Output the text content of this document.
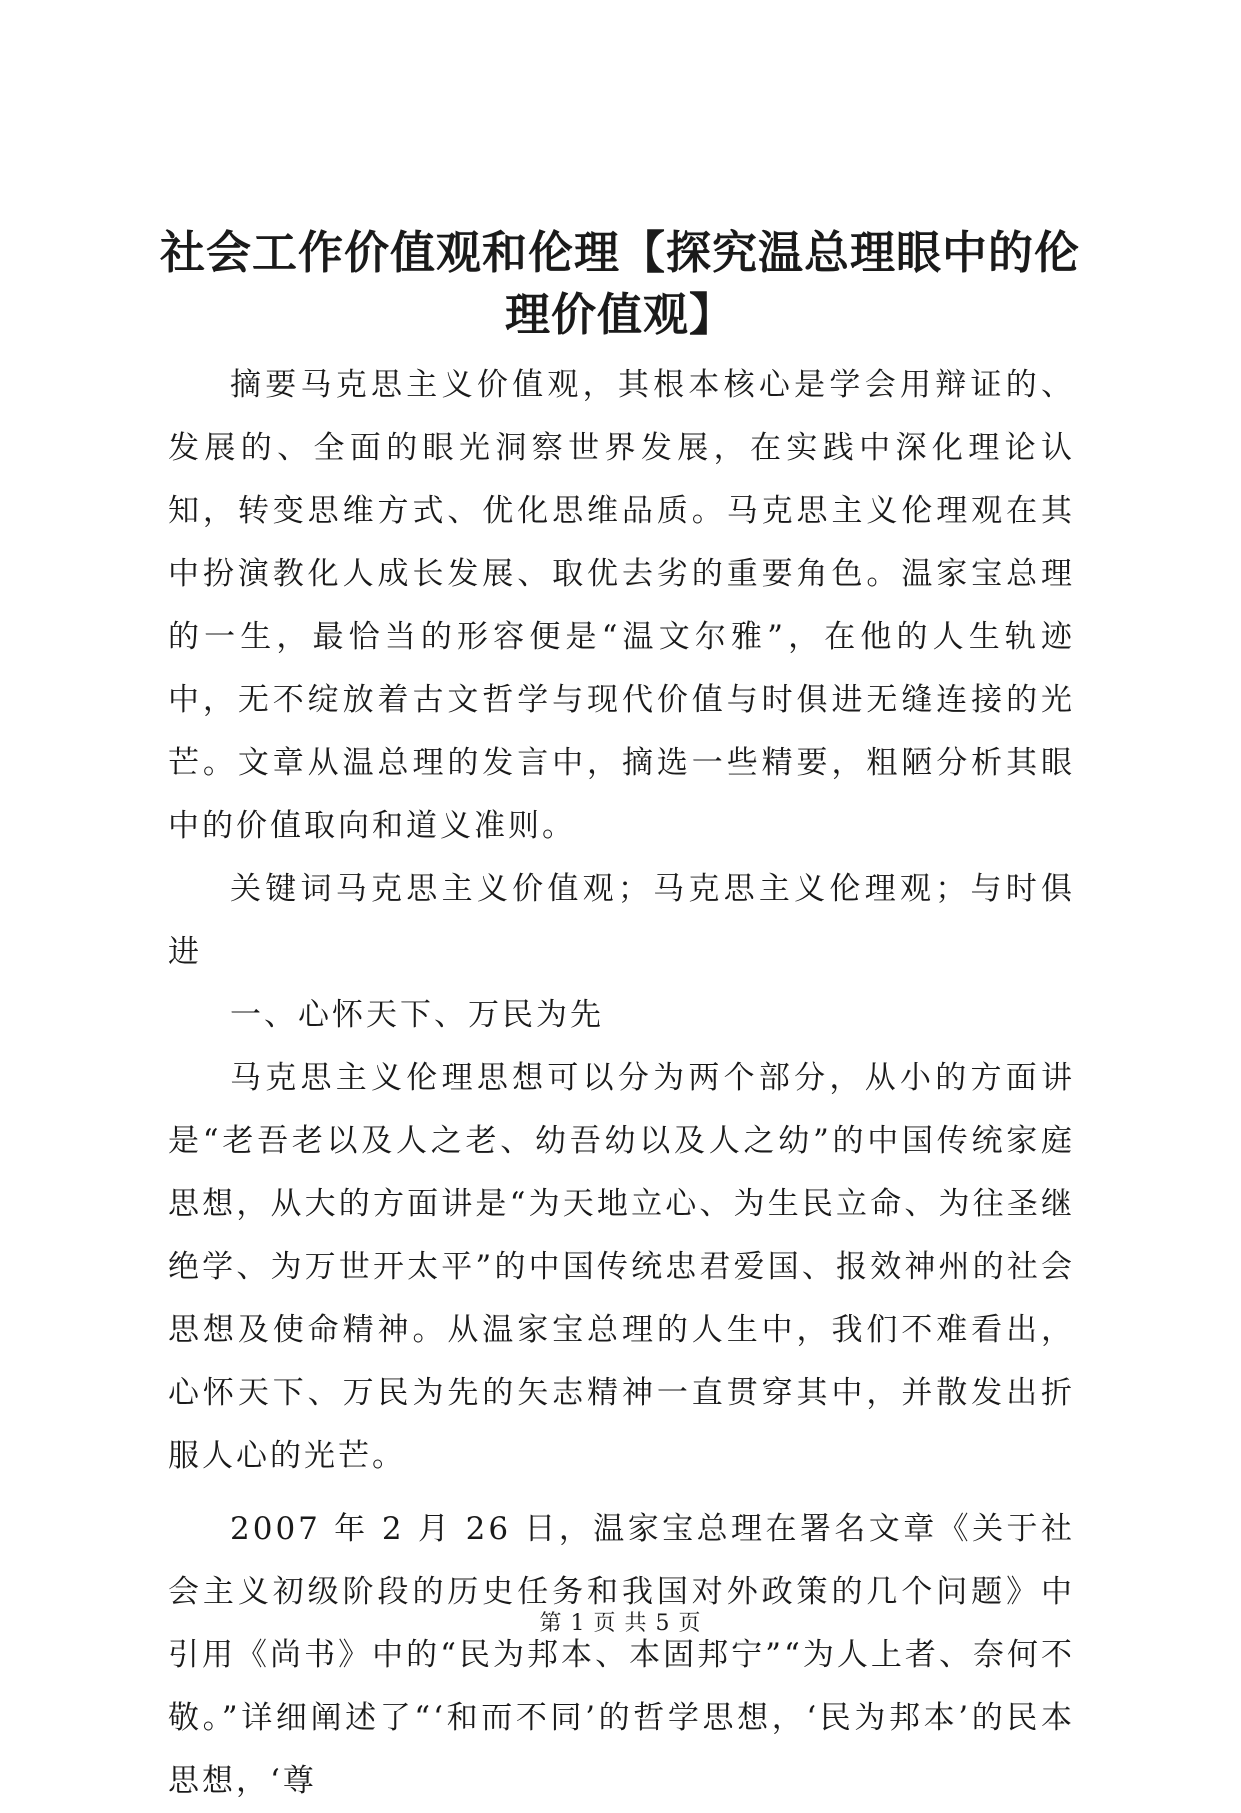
社会工作价值观和伦理【探究温总理眼中的伦
理价值观】

摘要马克思主义价值观，其根本核心是学会用辩证的、发展的、全面的眼光洞察世界发展，在实践中深化理论认知，转变思维方式、优化思维品质。马克思主义伦理观在其中扮演教化人成长发展、取优去劣的重要角色。温家宝总理的一生，最恰当的形容便是“温文尔雅”，在他的人生轨迹中，无不绽放着古文哲学与现代价值与时俱进无缝连接的光芒。文章从温总理的发言中，摘选一些精要，粗陋分析其眼中的价值取向和道义准则。

关键词马克思主义价值观；马克思主义伦理观；与时俱进

一、心怀天下、万民为先

马克思主义伦理思想可以分为两个部分，从小的方面讲是“老吾老以及人之老、幼吾幼以及人之幼”的中国传统家庭思想，从大的方面讲是“为天地立心、为生民立命、为往圣继绝学、为万世开太平”的中国传统忠君爱国、报效神州的社会思想及使命精神。从温家宝总理的人生中，我们不难看出，心怀天下、万民为先的矢志精神一直贯穿其中，并散发出折服人心的光芒。

2007 年 2 月 26 日，温家宝总理在署名文章《关于社会主义初级阶段的历史任务和我国对外政策的几个问题》中引用《尚书》中的“民为邦本、本固邦宁”“为人上者、奈何不敬。”详细阐述了“‘和而不同’的哲学思想，‘民为邦本’的民本思想，‘尊

第 1 页 共 5 页
